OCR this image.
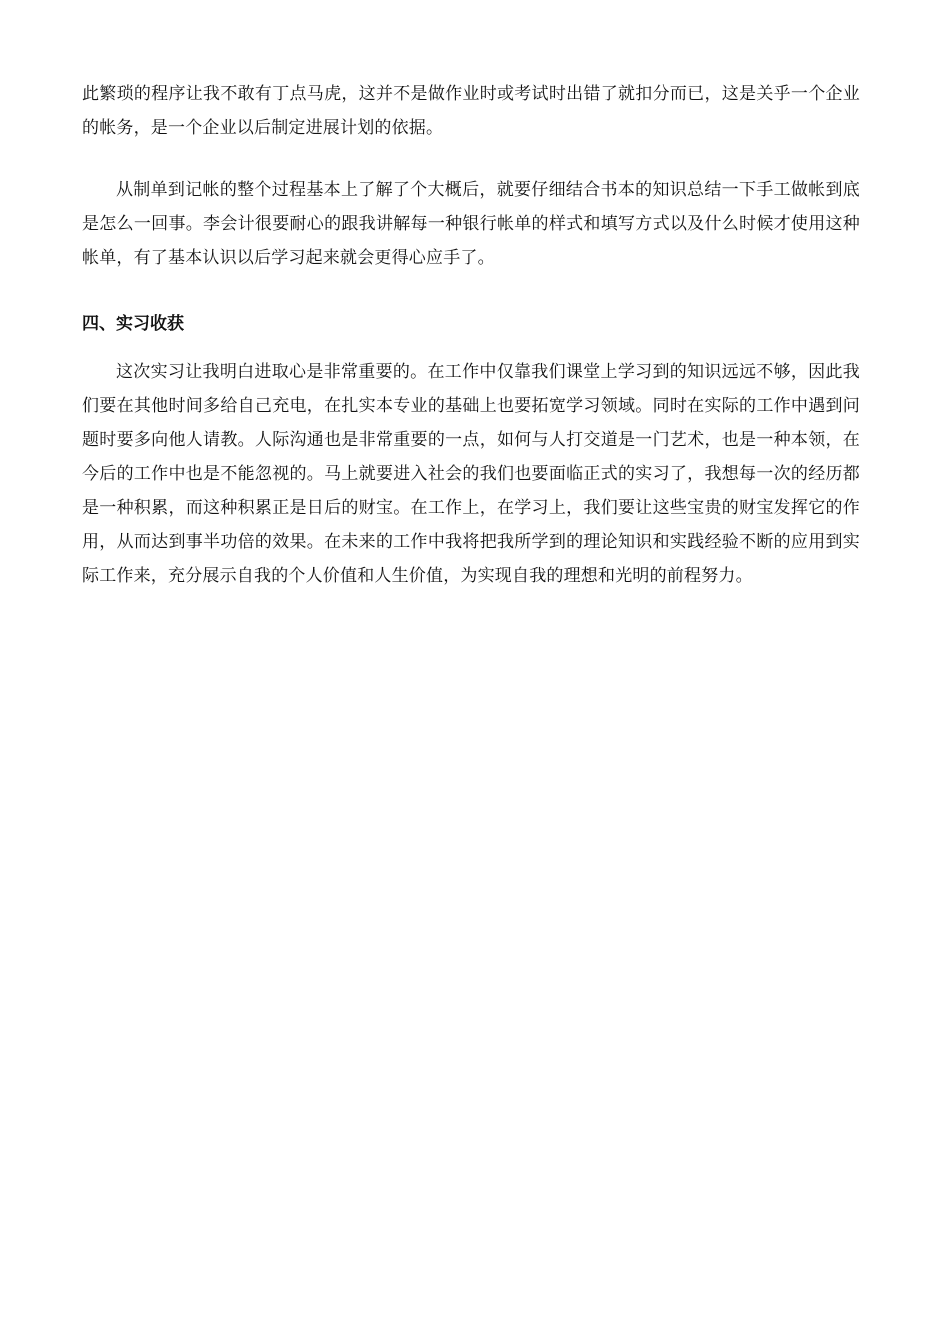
此繁琐的程序让我不敢有丁点马虎，这并不是做作业时或考试时出错了就扣分而已，这是关乎一个企业的帐务，是一个企业以后制定进展计划的依据。

从制单到记帐的整个过程基本上了解了个大概后，就要仔细结合书本的知识总结一下手工做帐到底是怎么一回事。李会计很要耐心的跟我讲解每一种银行帐单的样式和填写方式以及什么时候才使用这种帐单，有了基本认识以后学习起来就会更得心应手了。

四、实习收获

这次实习让我明白进取心是非常重要的。在工作中仅靠我们课堂上学习到的知识远远不够，因此我们要在其他时间多给自己充电，在扎实本专业的基础上也要拓宽学习领域。同时在实际的工作中遇到问题时要多向他人请教。人际沟通也是非常重要的一点，如何与人打交道是一门艺术，也是一种本领，在今后的工作中也是不能忽视的。马上就要进入社会的我们也要面临正式的实习了，我想每一次的经历都是一种积累，而这种积累正是日后的财宝。在工作上，在学习上，我们要让这些宝贵的财宝发挥它的作用，从而达到事半功倍的效果。在未来的工作中我将把我所学到的理论知识和实践经验不断的应用到实际工作来，充分展示自我的个人价值和人生价值，为实现自我的理想和光明的前程努力。
